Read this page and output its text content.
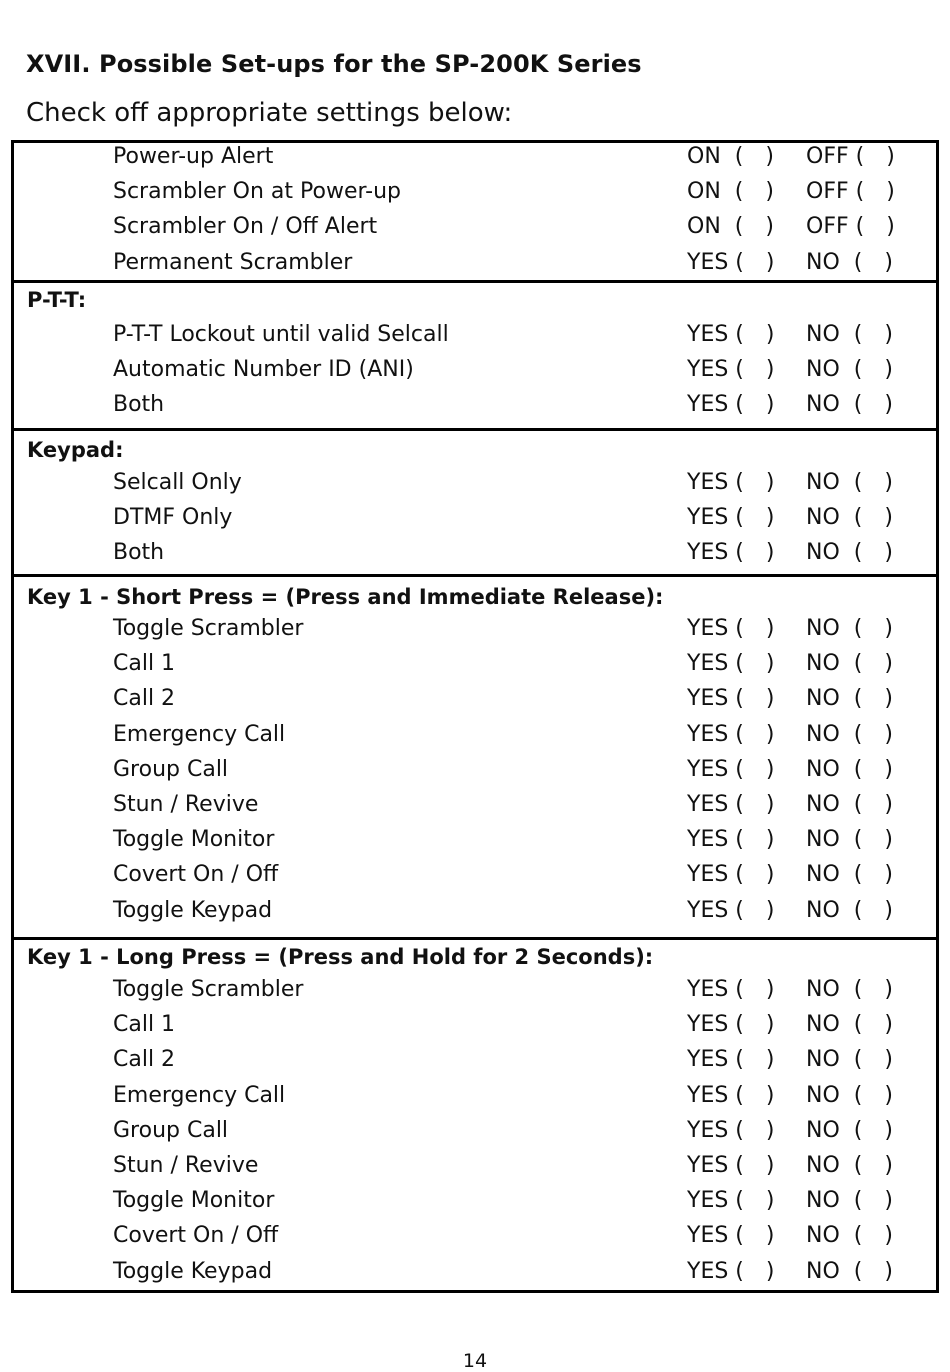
XVII. Possible Set-ups for the SP-200K Series
Check off appropriate settings below:
Power-up Alert	ON  ( ) OFF ( )
Scrambler On at Power-up	ON  ( ) OFF ( )
Scrambler On / Off Alert	ON  ( ) OFF ( )
Permanent Scrambler	YES ( ) NO  ( )
P-T-T:
P-T-T Lockout until valid Selcall	YES ( ) NO  ( )
Automatic Number ID (ANI)	YES ( ) NO  ( )
Both	YES ( ) NO  ( )
Keypad:
Selcall Only	YES ( ) NO  ( )
DTMF Only	YES ( ) NO  ( )
Both	YES ( ) NO  ( )
Key 1 - Short Press = (Press and Immediate Release):
Toggle Scrambler	YES ( ) NO  ( )
Call 1	YES ( ) NO  ( )
Call 2	YES ( ) NO  ( )
Emergency Call	YES ( ) NO  ( )
Group Call	YES ( ) NO  ( )
Stun / Revive	YES ( ) NO  ( )
Toggle Monitor	YES ( ) NO  ( )
Covert On / Off	YES ( ) NO  ( )
Toggle Keypad	YES ( ) NO  ( )
Key 1 - Long Press = (Press and Hold for 2 Seconds):
Toggle Scrambler	YES ( ) NO  ( )
Call 1	YES ( ) NO  ( )
Call 2	YES ( ) NO  ( )
Emergency Call	YES ( ) NO  ( )
Group Call	YES ( ) NO  ( )
Stun / Revive	YES ( ) NO  ( )
Toggle Monitor	YES ( ) NO  ( )
Covert On / Off	YES ( ) NO  ( )
Toggle Keypad	YES ( ) NO  ( )
14
